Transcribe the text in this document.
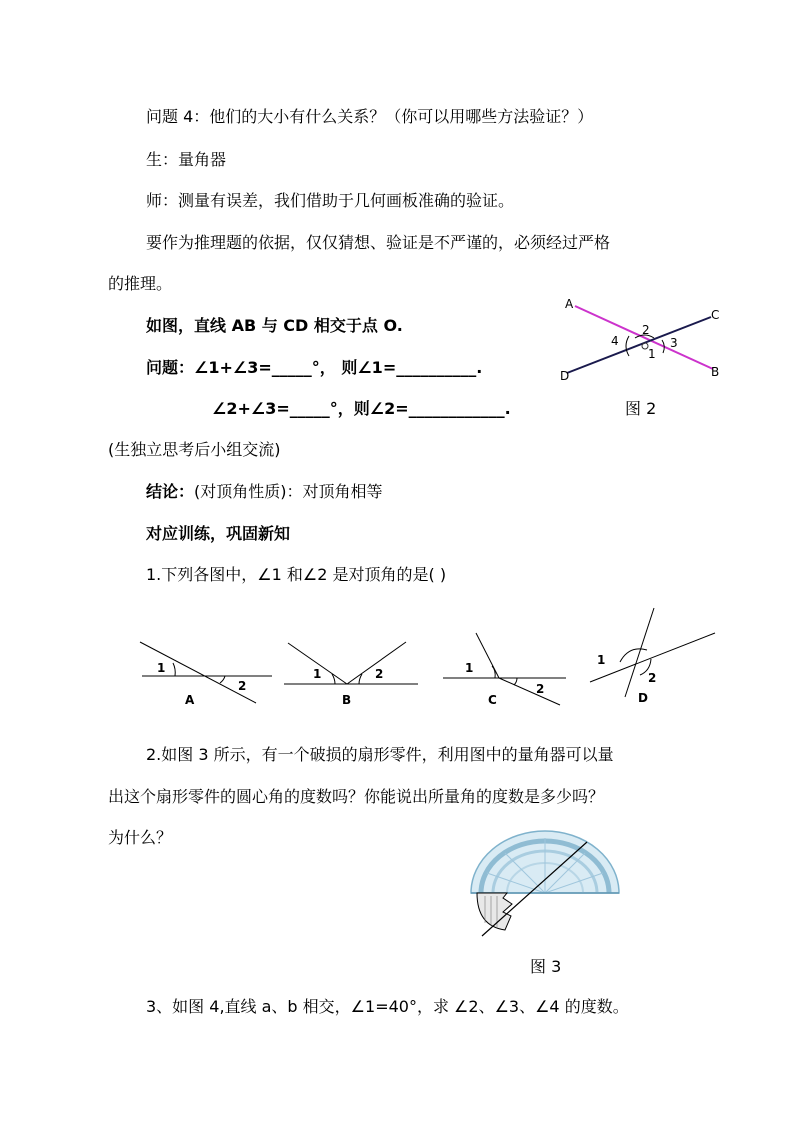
问题 4：他们的大小有什么关系？（你可以用哪些方法验证？）
生：量角器
师：测量有误差，我们借助于几何画板准确的验证。
要作为推理题的依据，仅仅猜想、验证是不严谨的，必须经过严格
的推理。
如图，直线 AB 与 CD 相交于点 O.
问题：∠1+∠3=_____°， 则∠1=__________.
∠2+∠3=_____°，则∠2=____________.
(生独立思考后小组交流)
结论：(对顶角性质)：对顶角相等
对应训练，巩固新知
1.下列各图中，∠1 和∠2 是对顶角的是( )
2.如图 3 所示，有一个破损的扇形零件，利用图中的量角器可以量
出这个扇形零件的圆心角的度数吗？你能说出所量角的度数是多少吗？
为什么？
3、如图 4,直线 a、b 相交，∠1=40°，求 ∠2、∠3、∠4 的度数。
A
C
D	B
2
4	3
1
图 2
1
2
A
1	2
B
1
2
C
1
2
D
图 3
